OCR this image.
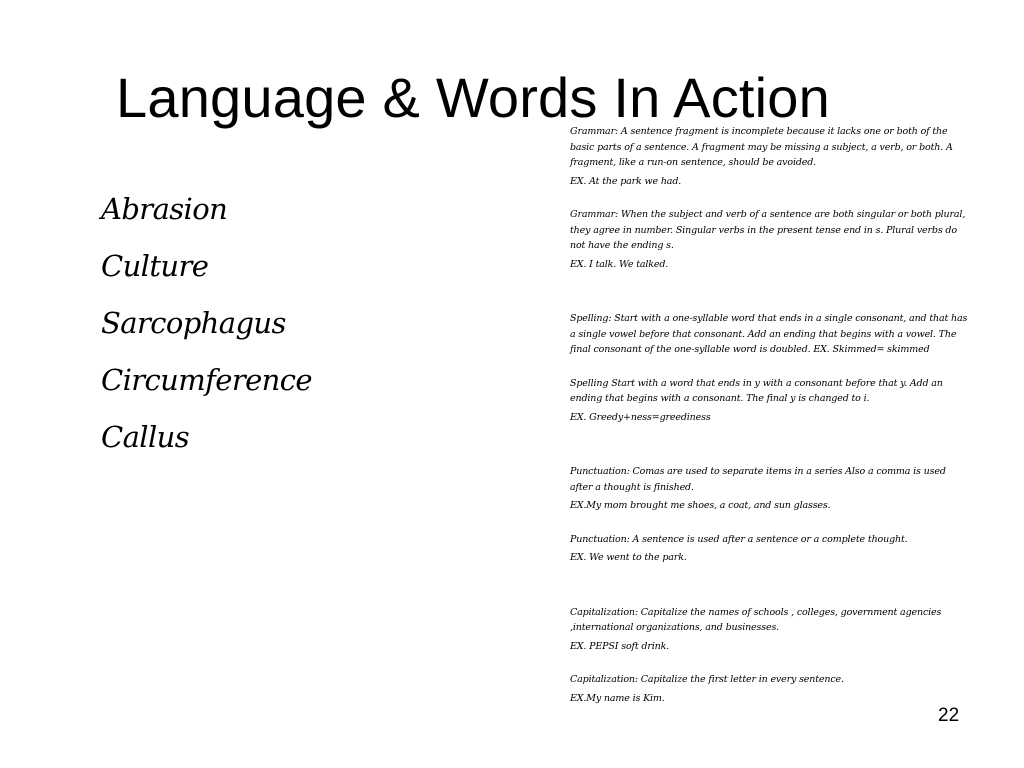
Language & Words In Action
Abrasion
Culture
Sarcophagus
Circumference
Callus

Grammar: A sentence fragment is incomplete because it lacks one or both of the basic parts of a sentence. A fragment may be missing a subject, a verb, or both. A fragment, like a run-on sentence, should be avoided.

EX. At the park we had.

Grammar: When the subject and verb of a sentence are both singular or both plural, they agree in number. Singular verbs in the present tense end in s. Plural verbs do not have the ending s.

EX. I talk. We talked.

Spelling: Start with a one-syllable word that ends in a single consonant, and that has a single vowel before that consonant. Add an ending that begins with a vowel. The final consonant of the one-syllable word is doubled. EX. Skimmed= skimmed

Spelling Start with a word that ends in y with a consonant before that y. Add an ending that begins with a consonant. The final y is changed to i.

EX. Greedy+ness=greediness

Punctuation: Comas are used to separate items in a series Also a comma is used after a thought is finished.

EX.My mom brought me shoes, a coat, and sun glasses.

Punctuation: A sentence is used after a sentence or a complete thought.

EX. We went to the park.

Capitalization: Capitalize the names of schools , colleges, government agencies ,international organizations, and businesses.

EX. PEPSI soft drink.

Capitalization: Capitalize the first letter in every sentence.

EX.My name is Kim.

22
